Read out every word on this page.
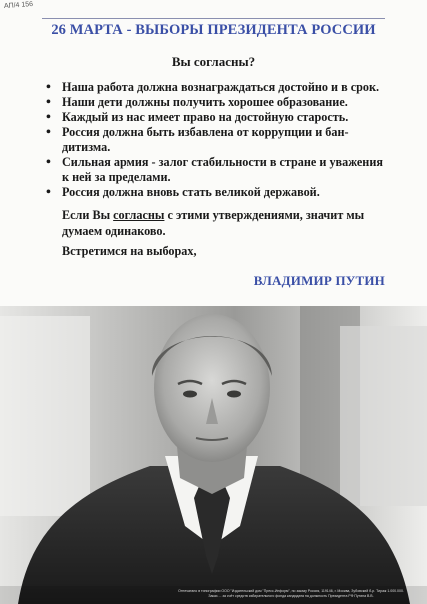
АП/4 156
26 МАРТА - ВЫБОРЫ ПРЕЗИДЕНТА РОССИИ
Вы согласны?
• Наша работа должна вознаграждаться достойно и в срок.
• Наши дети должны получить хорошее образование.
• Каждый из нас имеет право на достойную старость.
• Россия должна быть избавлена от коррупции и бан-дитизма.
• Сильная армия - залог стабильности в стране и уважения к ней за пределами.
• Россия должна вновь стать великой державой.
Если Вы согласны с этими утверждениями, значит мы думаем одинаково.
Встретимся на выборах,
ВЛАДИМИР ПУТИН
Отпечатано в типографии ООО "Издательский дом "Пресс-Информ", по заказу Россия, 119146, г. Москва, Зубовский б-р. Тираж 1.000.000. Заказ ... за счёт средств избирательного фонда кандидата на должность Президента РФ Путина В.В.
